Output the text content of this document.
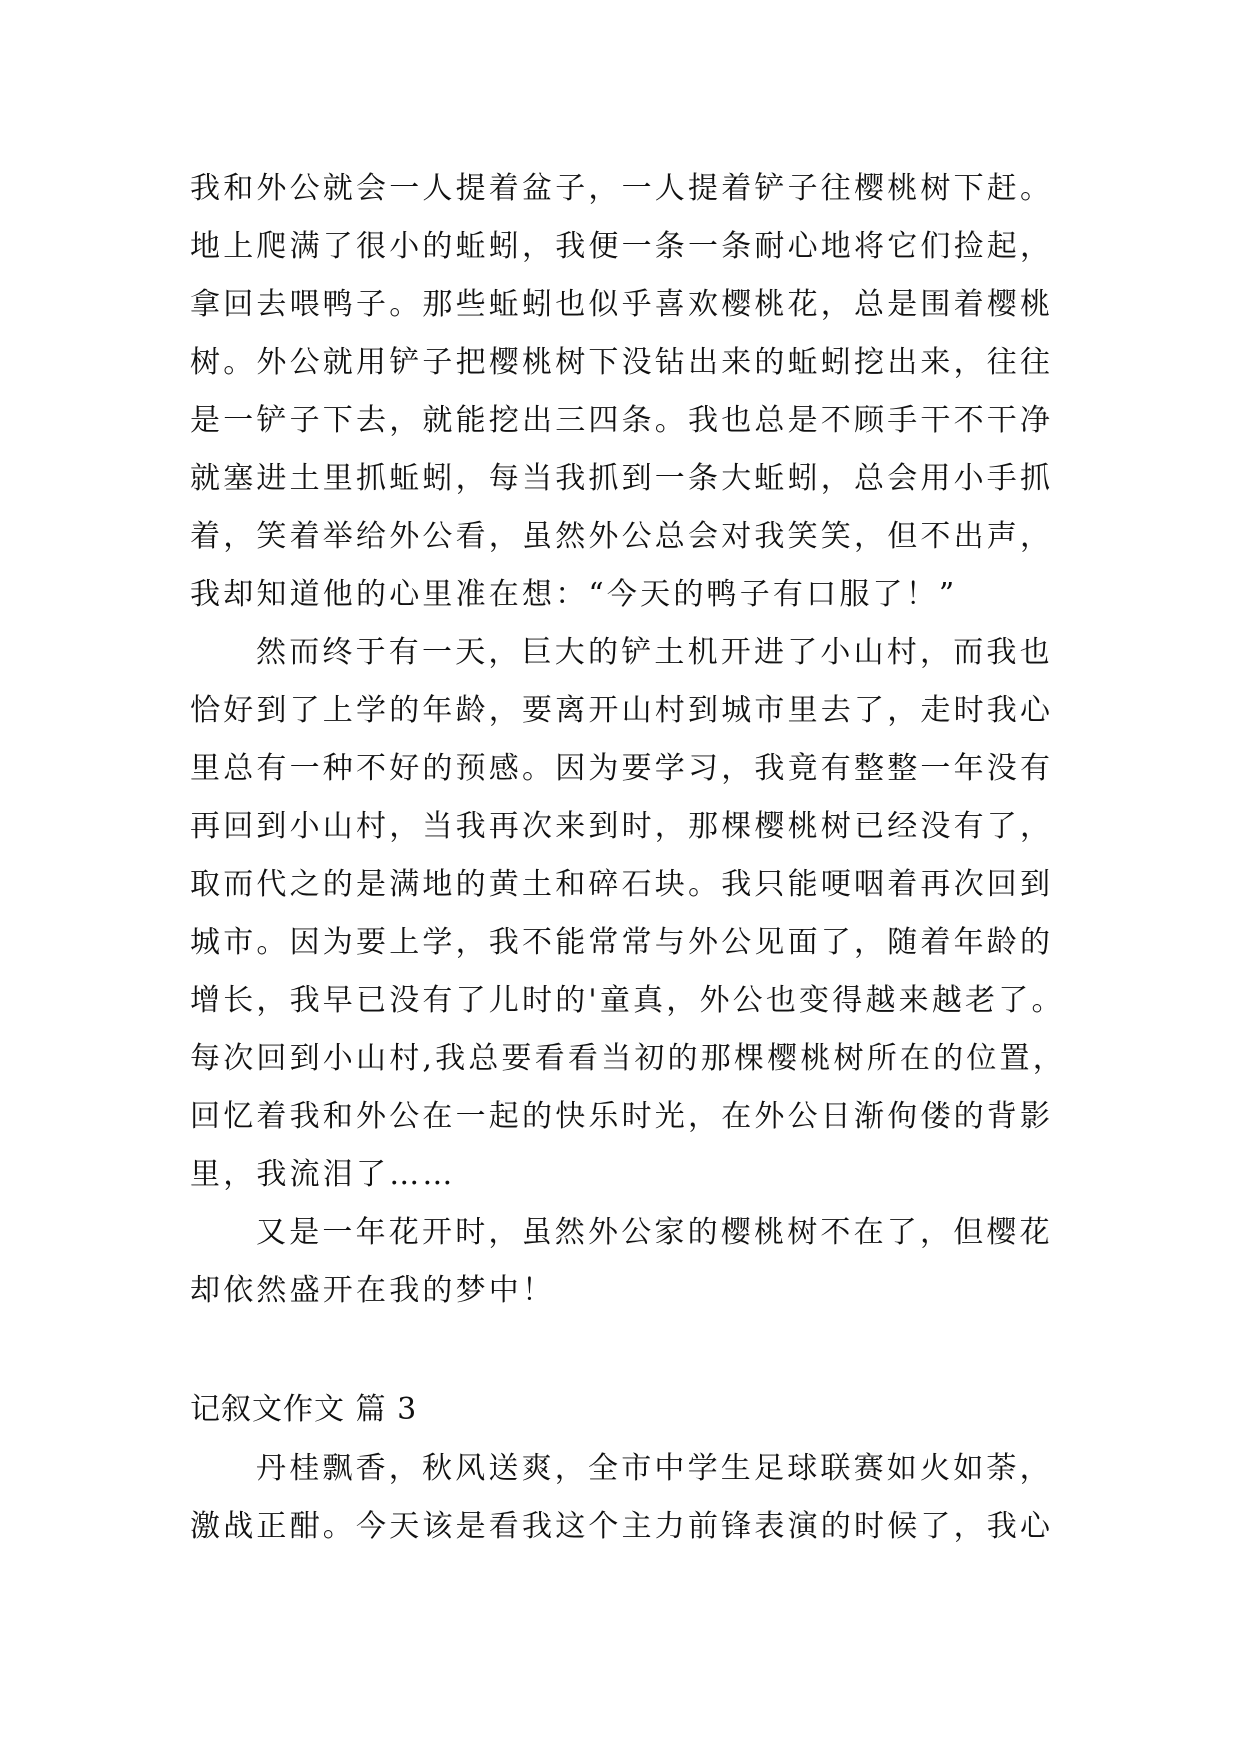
我和外公就会一人提着盆子，一人提着铲子往樱桃树下赶。
地上爬满了很小的蚯蚓，我便一条一条耐心地将它们捡起，
拿回去喂鸭子。那些蚯蚓也似乎喜欢樱桃花，总是围着樱桃
树。外公就用铲子把樱桃树下没钻出来的蚯蚓挖出来，往往
是一铲子下去，就能挖出三四条。我也总是不顾手干不干净
就塞进土里抓蚯蚓，每当我抓到一条大蚯蚓，总会用小手抓
着，笑着举给外公看，虽然外公总会对我笑笑，但不出声，
我却知道他的心里准在想：“今天的鸭子有口服了！”
然而终于有一天，巨大的铲土机开进了小山村，而我也
恰好到了上学的年龄，要离开山村到城市里去了，走时我心
里总有一种不好的预感。因为要学习，我竟有整整一年没有
再回到小山村，当我再次来到时，那棵樱桃树已经没有了，
取而代之的是满地的黄土和碎石块。我只能哽咽着再次回到
城市。因为要上学，我不能常常与外公见面了，随着年龄的
增长，我早已没有了儿时的'童真，外公也变得越来越老了。
每次回到小山村,我总要看看当初的那棵樱桃树所在的位置，
回忆着我和外公在一起的快乐时光，在外公日渐佝偻的背影
里，我流泪了……
又是一年花开时，虽然外公家的樱桃树不在了，但樱花
却依然盛开在我的梦中！
记叙文作文 篇 3
丹桂飘香，秋风送爽，全市中学生足球联赛如火如荼，
激战正酣。今天该是看我这个主力前锋表演的时候了，我心
